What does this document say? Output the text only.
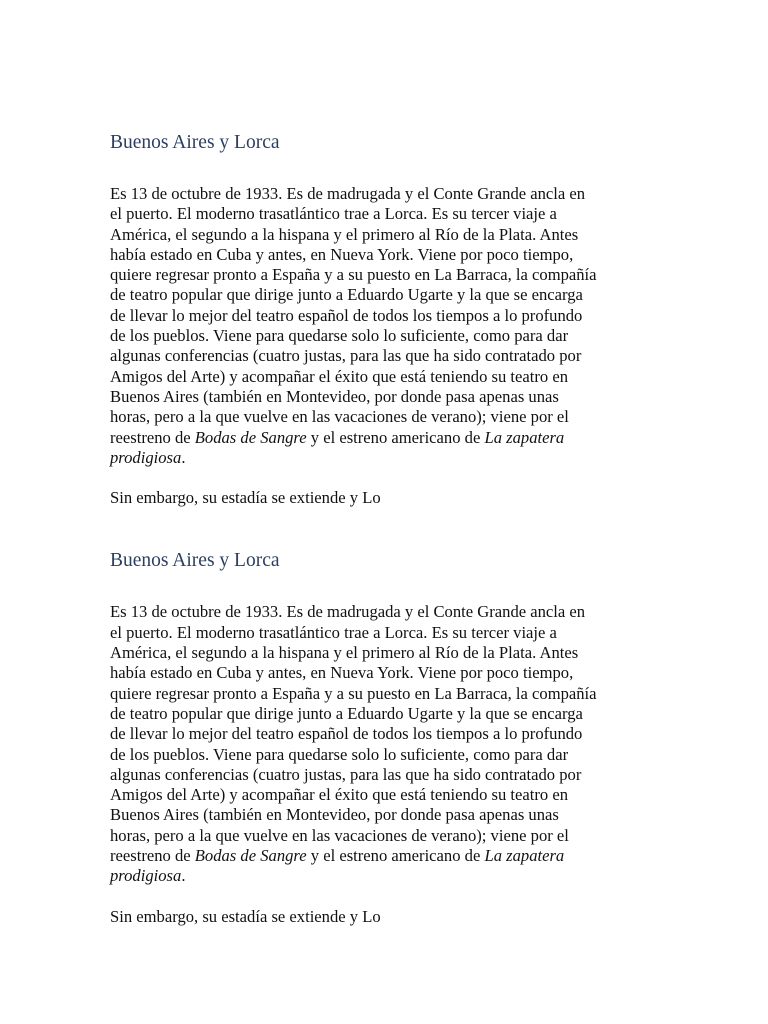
Buenos Aires y Lorca

Es 13 de octubre de 1933. Es de madrugada y el Conte Grande ancla en
el puerto. El moderno trasatlántico trae a Lorca. Es su tercer viaje a
América, el segundo a la hispana y el primero al Río de la Plata. Antes
había estado en Cuba y antes, en Nueva York. Viene por poco tiempo,
quiere regresar pronto a España y a su puesto en La Barraca, la compañía
de teatro popular que dirige junto a Eduardo Ugarte y la que se encarga
de llevar lo mejor del teatro español de todos los tiempos a lo profundo
de los pueblos. Viene para quedarse solo lo suficiente, como para dar
algunas conferencias (cuatro justas, para las que ha sido contratado por
Amigos del Arte) y acompañar el éxito que está teniendo su teatro en
Buenos Aires (también en Montevideo, por donde pasa apenas unas
horas, pero a la que vuelve en las vacaciones de verano); viene por el
reestreno de Bodas de Sangre y el estreno americano de La zapatera
prodigiosa.

Sin embargo, su estadía se extiende y Lo

Buenos Aires y Lorca

Es 13 de octubre de 1933. Es de madrugada y el Conte Grande ancla en
el puerto. El moderno trasatlántico trae a Lorca. Es su tercer viaje a
América, el segundo a la hispana y el primero al Río de la Plata. Antes
había estado en Cuba y antes, en Nueva York. Viene por poco tiempo,
quiere regresar pronto a España y a su puesto en La Barraca, la compañía
de teatro popular que dirige junto a Eduardo Ugarte y la que se encarga
de llevar lo mejor del teatro español de todos los tiempos a lo profundo
de los pueblos. Viene para quedarse solo lo suficiente, como para dar
algunas conferencias (cuatro justas, para las que ha sido contratado por
Amigos del Arte) y acompañar el éxito que está teniendo su teatro en
Buenos Aires (también en Montevideo, por donde pasa apenas unas
horas, pero a la que vuelve en las vacaciones de verano); viene por el
reestreno de Bodas de Sangre y el estreno americano de La zapatera
prodigiosa.

Sin embargo, su estadía se extiende y Lo
